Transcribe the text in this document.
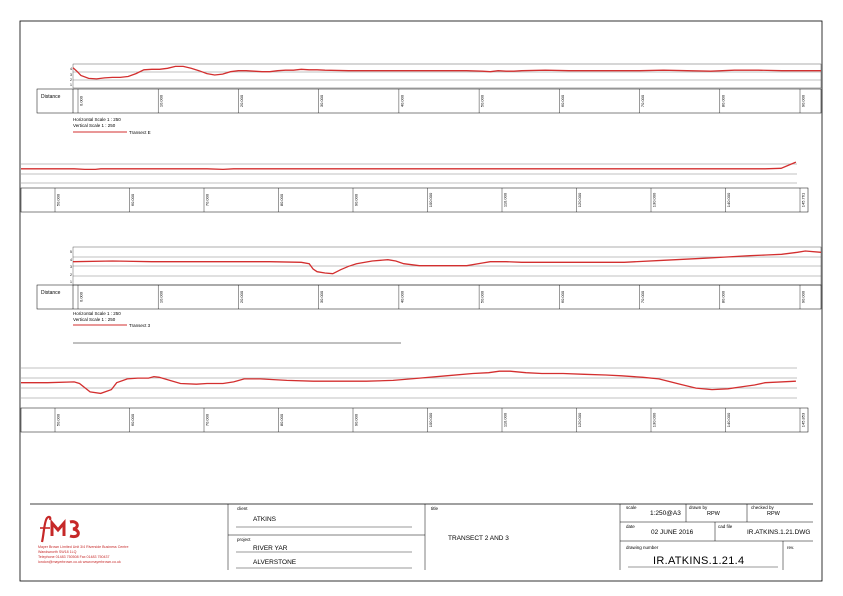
4
3
2
1
Distance	0.000	10.000	20.000	30.000	40.000	50.000	60.000	70.000	80.000	90.000
Horizontal Scale 1 : 250
Vertical Scale 1 : 250
Transect E
50.000	60.000	70.000	80.000	90.000	100.000	110.000	120.000	130.000	140.000	145.761
5
4
3
2
1
Distance	0.000	10.000	20.000	30.000	40.000	50.000	60.000	70.000	80.000	90.000
Horizontal Scale 1 : 250
Vertical Scale 1 : 250
Transect 3
50.000	60.000	70.000	80.000	90.000	100.000	110.000	120.000	130.000	140.000	145.853
Mayer Brown Limited Unit 3/4 Riverside Business Centre
Wandsworth SW18 1LQ
Telephone 01483 750508 Fax 01483 750437
london@mayerbrown.co.uk www.mayerbrown.co.uk
client
ATKINS
project
RIVER YAR
ALVERSTONE
title
TRANSECT 2 AND 3
scale
1:250@A3
drawn by
RPW
checked by
RPW
date
02 JUNE 2016
cad file
IR.ATKINS.1.21.DWG
drawing number
IR.ATKINS.1.21.4
rev.
